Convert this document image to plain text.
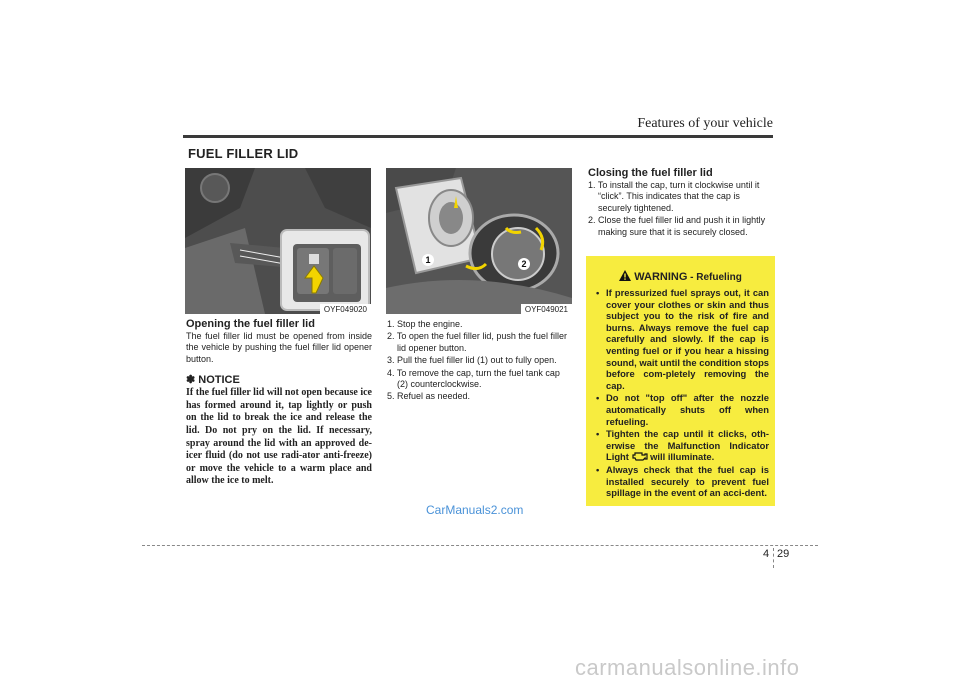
Features of your vehicle
FUEL FILLER LID
OYF049020
1	2
OYF049021
Opening the fuel filler lid
The fuel filler lid must be opened from inside the vehicle by pushing the fuel filler lid opener button.
✽ NOTICE
If the fuel filler lid will not open because ice has formed around it, tap lightly or push on the lid to break the ice and release the lid. Do not pry on the lid. If necessary, spray around the lid with an approved de-icer fluid (do not use radi-ator anti-freeze) or move the vehicle to a warm place and allow the ice to melt.
1. Stop the engine.
2. To open the fuel filler lid, push the fuel filler lid opener button.
3. Pull the fuel filler lid (1) out to fully open.
4. To remove the cap, turn the fuel tank cap (2) counterclockwise.
5. Refuel as needed.
Closing the fuel filler lid
1. To install the cap, turn it clockwise until it “click”. This indicates that the cap is securely tightened.
2. Close the fuel filler lid and push it in lightly making sure that it is securely closed.
WARNING - Refueling
• If pressurized fuel sprays out, it can cover your clothes or skin and thus subject you to the risk of fire and burns. Always remove the fuel cap carefully and slowly. If the cap is venting fuel or if you hear a hissing sound, wait until the condition stops before com-pletely removing the cap.
• Do not "top off" after the nozzle automatically shuts off when refueling.
• Tighten the cap until it clicks, oth-erwise the Malfunction Indicator Light  will illuminate.
• Always check that the fuel cap is installed securely to prevent fuel spillage in the event of an acci-dent.
CarManuals2.com
4 29
carmanualsonline.info
